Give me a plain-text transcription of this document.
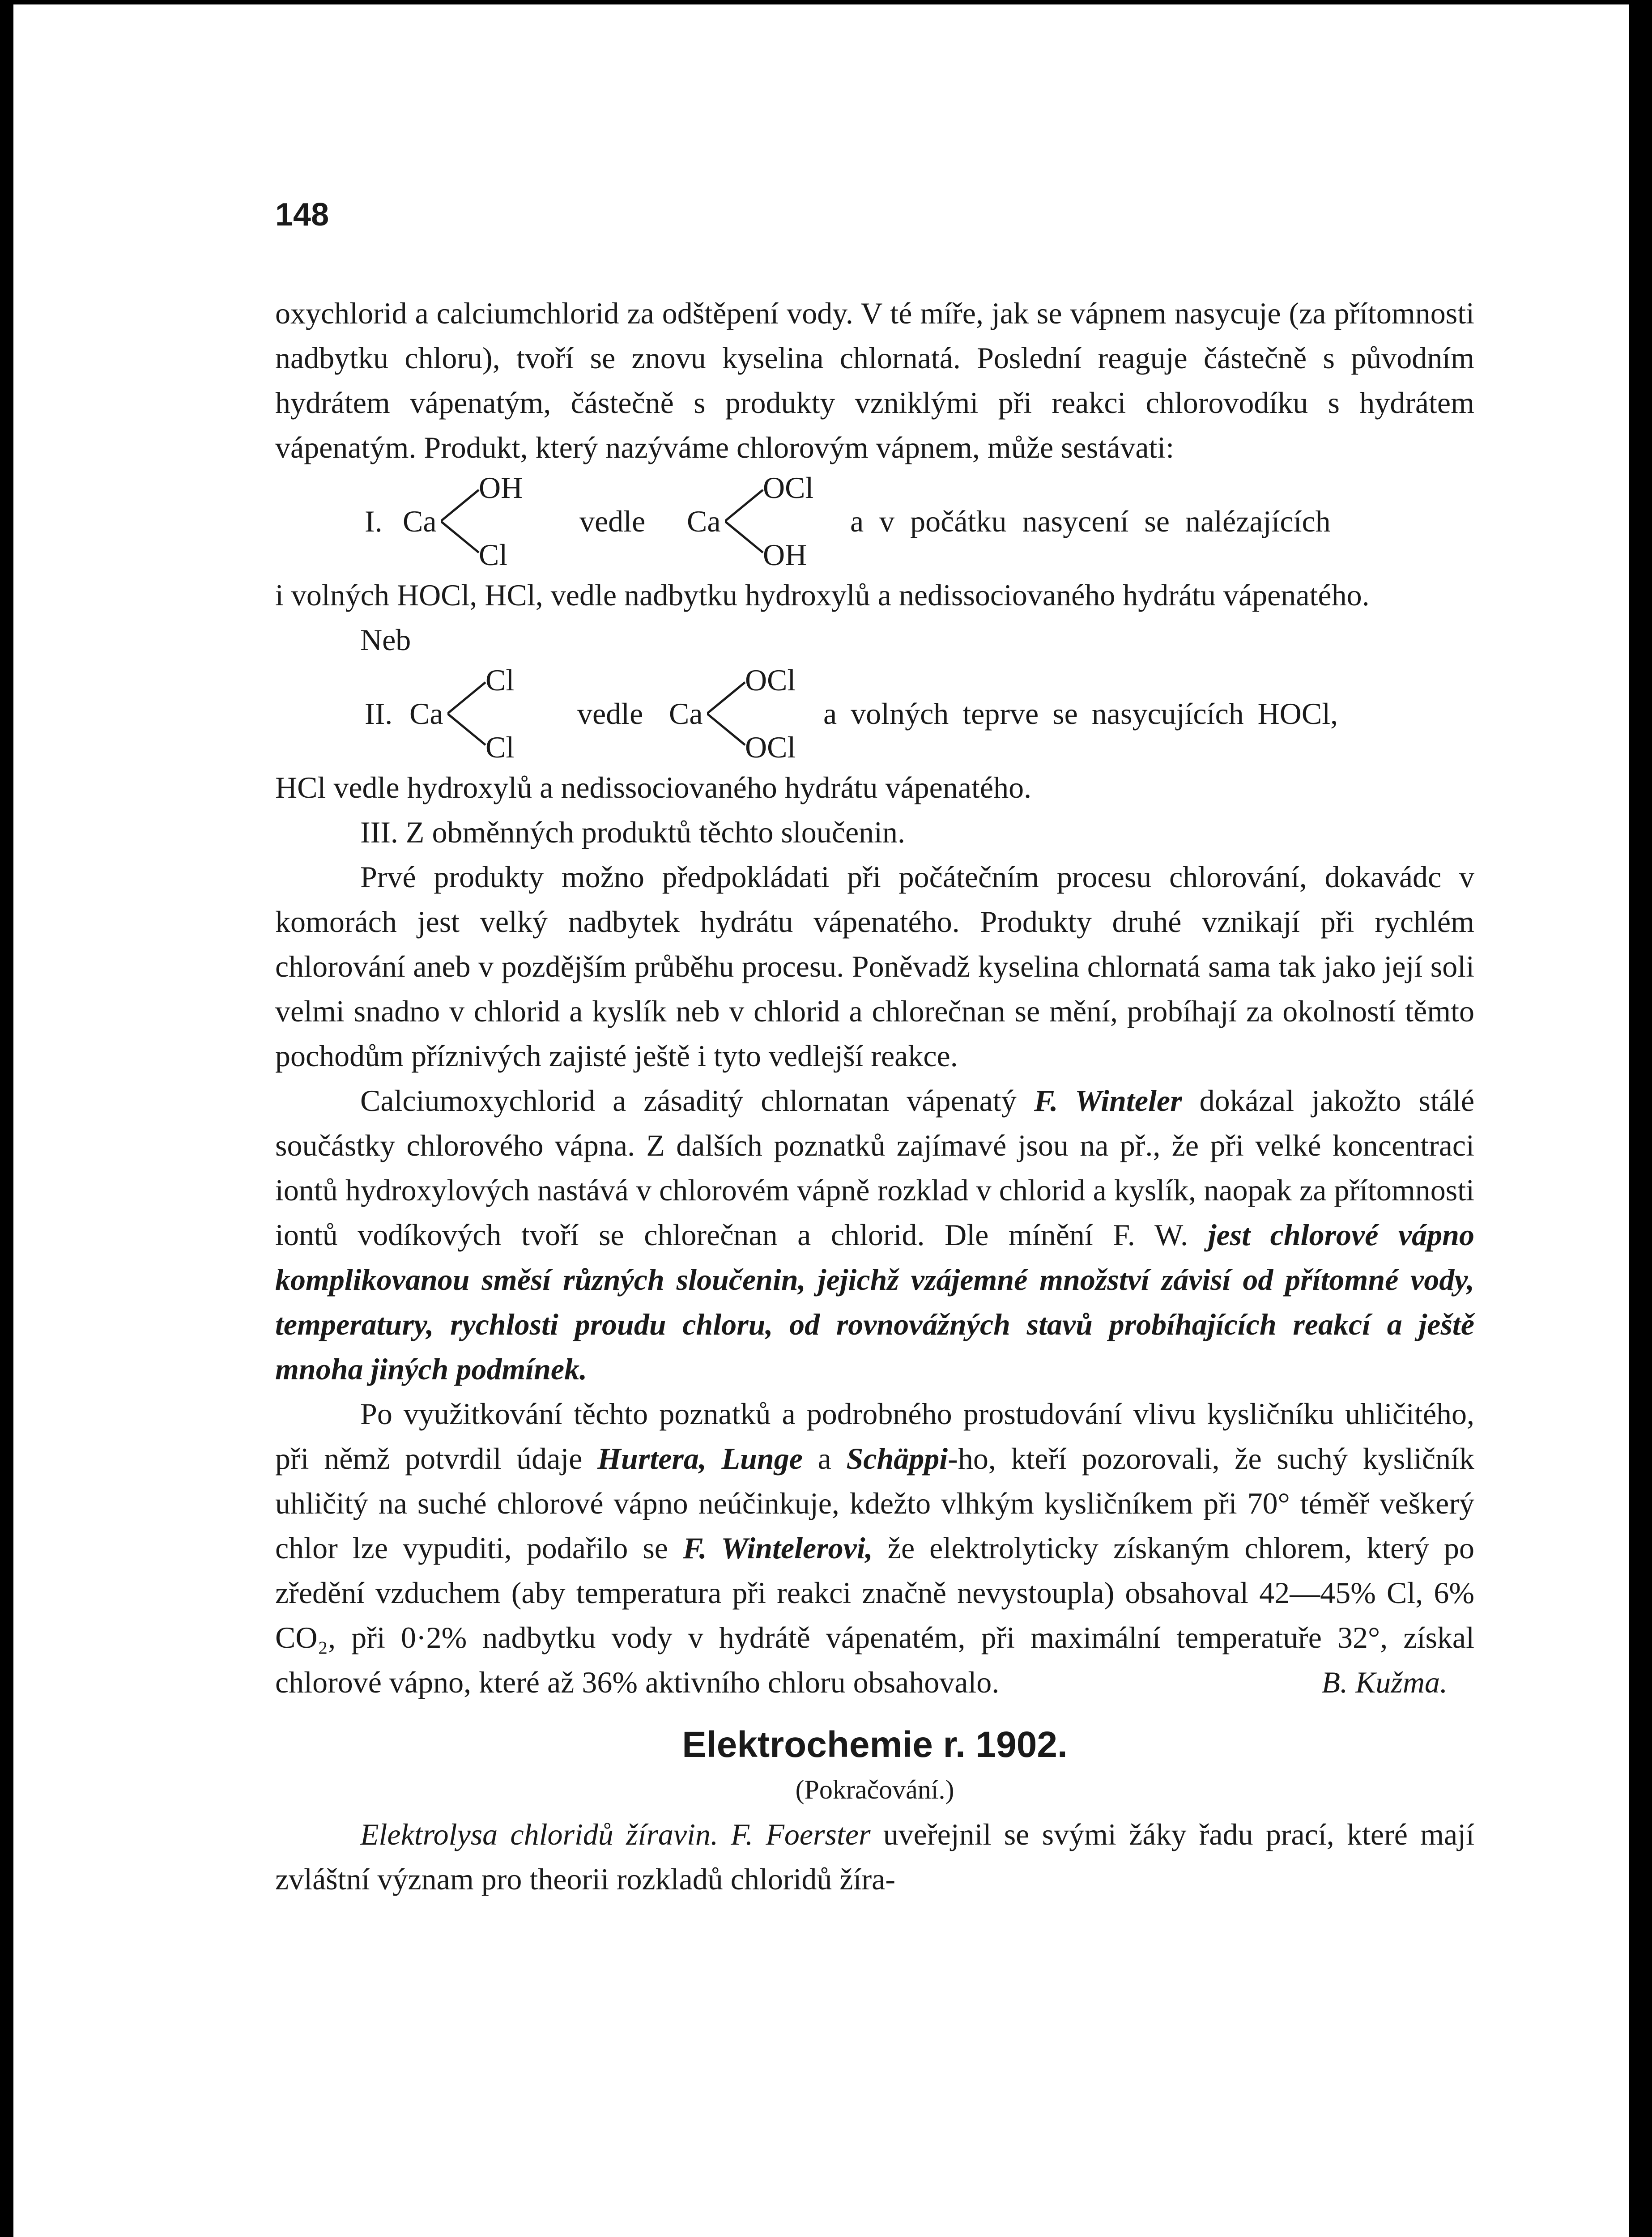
148

oxychlorid a calciumchlorid za odštěpení vody. V té míře, jak se vápnem nasycuje (za přítomnosti nadbytku chloru), tvoří se znovu kyselina chlornatá. Poslední reaguje částečně s původním hydrátem vápenatým, částečně s produkty vzniklými při reakci chlorovodíku s hydrátem vápenatým. Produkt, který nazýváme chlorovým vápnem, může sestávati:

I. Ca
OH
Cl
vedle Ca
OCl
OH
a v počátku nasycení se nalézajících

i volných HOCl, HCl, vedle nadbytku hydroxylů a nedissociovaného hydrátu vápenatého.

Neb
II. Ca
Cl
Cl
vedle Ca
OCl
OCl
a volných teprve se nasycujících HOCl,

HCl vedle hydroxylů a nedissociovaného hydrátu vápenatého.

III. Z obměnných produktů těchto sloučenin.

Prvé produkty možno předpokládati při počátečním procesu chlorování, dokavádc v komorách jest velký nadbytek hydrátu vápenatého. Produkty druhé vznikají při rychlém chlorování aneb v pozdějším průběhu procesu. Poněvadž kyselina chlornatá sama tak jako její soli velmi snadno v chlorid a kyslík neb v chlorid a chlorečnan se mění, probíhají za okolností těmto pochodům příznivých zajisté ještě i tyto vedlejší reakce.

Calciumoxychlorid a zásaditý chlornatan vápenatý F. Winteler dokázal jakožto stálé součástky chlorového vápna. Z dalších poznatků zajímavé jsou na př., že při velké koncentraci iontů hydroxylových nastává v chlorovém vápně rozklad v chlorid a kyslík, naopak za přítomnosti iontů vodíkových tvoří se chlorečnan a chlorid. Dle mínění F. W. jest chlorové vápno komplikovanou směsí různých sloučenin, jejichž vzájemné množství závisí od přítomné vody, temperatury, rychlosti proudu chloru, od rovnovážných stavů probíhajících reakcí a ještě mnoha jiných podmínek.

Po využitkování těchto poznatků a podrobného prostudování vlivu kysličníku uhličitého, při němž potvrdil údaje Hurtera, Lunge a Schäppi-ho, kteří pozorovali, že suchý kysličník uhličitý na suché chlorové vápno neúčinkuje, kdežto vlhkým kysličníkem při 70° téměř veškerý chlor lze vypuditi, podařilo se F. Wintelerovi, že elektrolyticky získaným chlorem, který po zředění vzduchem (aby temperatura při reakci značně nevystoupla) obsahoval 42—45% Cl, 6% CO₂, při 0·2% nadbytku vody v hydrátě vápenatém, při maximální temperatuře 32°, získal chlorové vápno, které až 36% aktivního chloru obsahovalo.	B. Kužma.

Elektrochemie r. 1902.
(Pokračování.)

Elektrolysa chloridů žíravin. F. Foerster uveřejnil se svými žáky řadu prací, které mají zvláštní význam pro theorii rozkladů chloridů žíra-
